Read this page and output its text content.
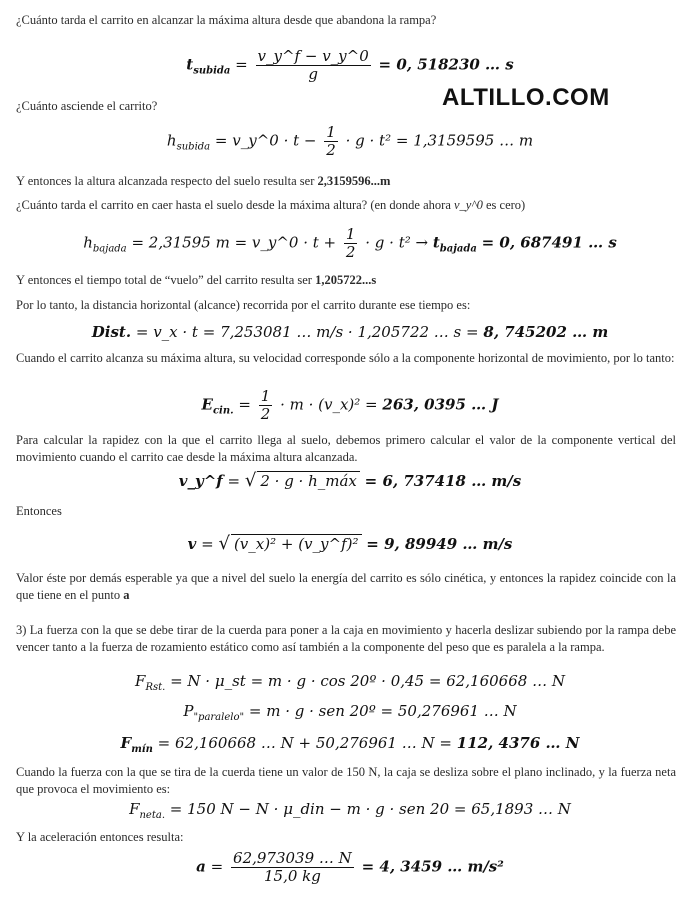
ALTILLO.COM
¿Cuánto tarda el carrito en alcanzar la máxima altura desde que abandona la rampa?
$t_{subida} = \frac{v\_y\^{}f - v\_y\^{}0}{g} = 0$, 518230 … s
¿Cuánto asciende el carrito?
$h_{subida}$ = v_y^0 · $t - \frac{1}{2} \cdot g \cdot t^2 = 1,3159595$ … m
Y entonces la altura alcanzada respecto del suelo resulta ser 2,3159596...m
¿Cuánto tarda el carrito en caer hasta el suelo desde la máxima altura? (en donde ahora v_y^0 es cero)
$h_{bajada} = 2,31595$ m = v_y^0 · $t + \frac{1}{2} \cdot g \cdot t^2 \to t_{bajada} = 0$, 687491 … s
Y entonces el tiempo total de “vuelo” del carrito resulta ser 1,205722...s
Por lo tanto, la distancia horizontal (alcance) recorrida por el carrito durante ese tiempo es:
Dist. = v_x · t = 7,253081 … m/s · 1,205722 … s = 8, 745202 … m
Cuando el carrito alcanza su máxima altura, su velocidad corresponde sólo a la componente horizontal de movimiento, por lo tanto:
$E_{cin.} = \frac{1}{2} \cdot m$ · (v_x)² = 263, 0395 … J
Para calcular la rapidez con la que el carrito llega al suelo, debemos primero calcular el valor de la componente vertical del movimiento cuando el carrito cae desde la máxima altura alcanzada.
v_y^f = √ 2 · g · h_máx = 6, 737418 … m/s
Entonces
v = √ (v_x)² + (v_y^f)² = 9, 89949 … m/s
Valor éste por demás esperable ya que a nivel del suelo la energía del carrito es sólo cinética, y entonces la rapidez coincide con la que tiene en el punto a
3) La fuerza con la que se debe tirar de la cuerda para poner a la caja en movimiento y hacerla deslizar subiendo por la rampa debe vencer tanto a la fuerza de rozamiento estático como así también a la componente del peso que es paralela a la rampa.
$F_{Rst.} = N$ · μ_st = m · g · cos 20º · 0,45 = 62,160668 … N
$P_{"paralelo"} = m \cdot g$ · sen 20º = 50,276961 … N
$F_{mín} = 62,160668$ … N + 50,276961 … N = 112, 4376 … N
Cuando la fuerza con la que se tira de la cuerda tiene un valor de 150 N, la caja se desliza sobre el plano inclinado, y la fuerza neta que provoca el movimiento es:
$F_{neta.} = 150$ N − N · μ_din − m · g · sen 20 = 65,1893 … N
Y la aceleración entonces resulta:
$a = \frac{62,973039 \dots N}{15,0 kg} = 4$, 3459 … m/s²
